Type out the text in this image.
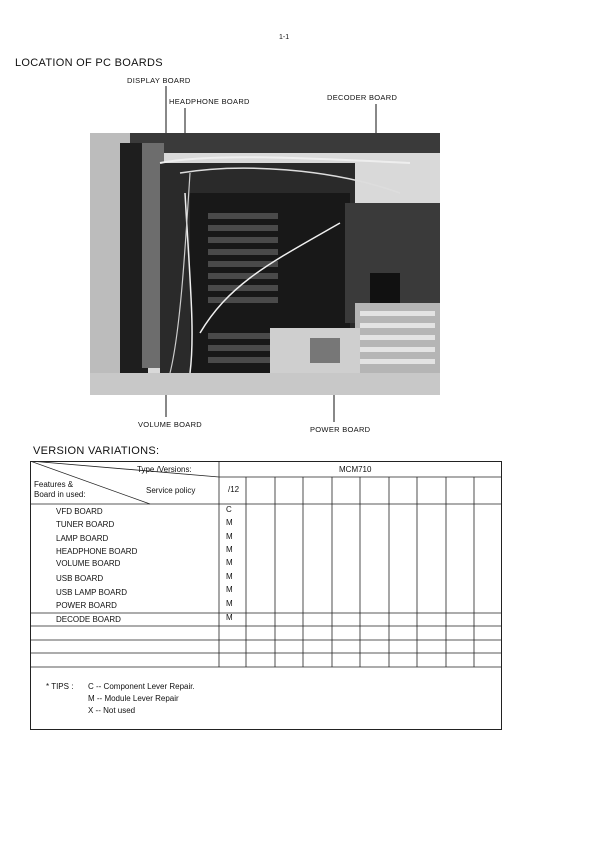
1-1
LOCATION OF PC BOARDS
DISPLAY BOARD
HEADPHONE BOARD	DECODER BOARD
VOLUME BOARD
POWER BOARD
VERSION VARIATIONS:
Type /Versions:	MCM710
Features &
Board in used:	Service policy	/12
VFD BOARD	C
TUNER BOARD	M
LAMP BOARD	M
HEADPHONE BOARD	M
VOLUME BOARD	M
USB BOARD	M
USB LAMP BOARD	M
POWER BOARD	M
DECODE BOARD	M
* TIPS : C -- Component Lever Repair.
M -- Module Lever Repair
X -- Not used
